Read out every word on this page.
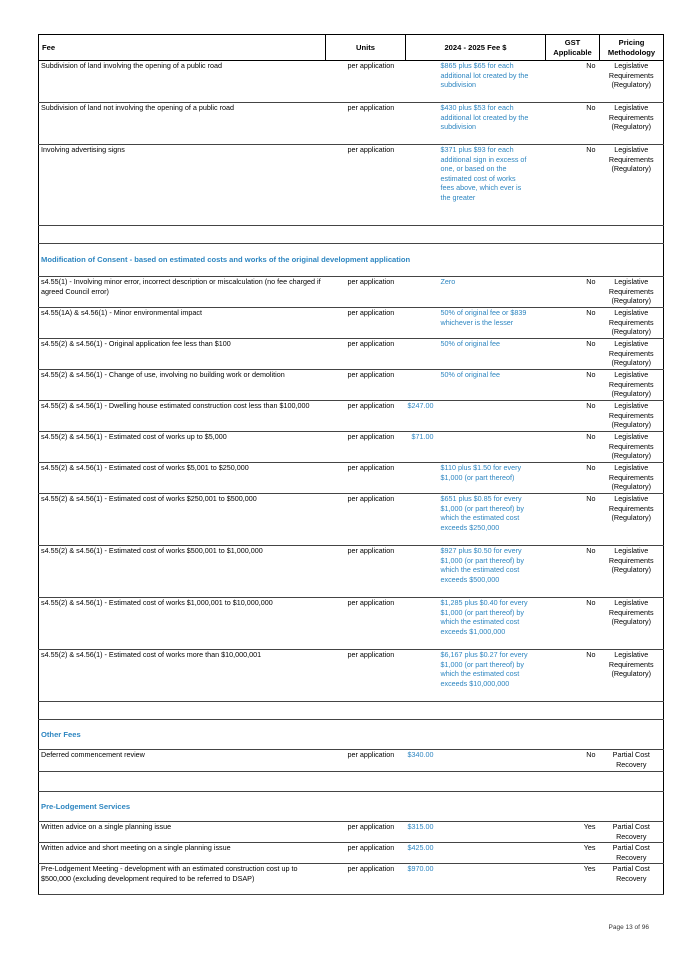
Fee	Units	2024 - 2025 Fee $	GST Applicable	Pricing Methodology
Subdivision of land involving the opening of a public road	per application	$865 plus $65 for each additional lot created by the subdivision	No	Legislative Requirements (Regulatory)
Subdivision of land not involving the opening of a public road	per application	$430 plus $53 for each additional lot created by the subdivision	No	Legislative Requirements (Regulatory)
Involving advertising signs	per application	$371 plus $93 for each additional sign in excess of one, or based on the estimated cost of works fees above, which ever is the greater	No	Legislative Requirements (Regulatory)

Modification of Consent - based on estimated costs and works of the original development application				
s4.55(1) - Involving minor error, incorrect description or miscalculation (no fee charged if agreed Council error)	per application	Zero	No	Legislative Requirements (Regulatory)
s4.55(1A) & s4.56(1) - Minor environmental impact	per application	50% of original fee or $839 whichever is the lesser	No	Legislative Requirements (Regulatory)
s4.55(2) & s4.56(1) - Original application fee less than $100	per application	50% of original fee	No	Legislative Requirements (Regulatory)
s4.55(2) & s4.56(1) - Change of use, involving no building work or demolition	per application	50% of original fee	No	Legislative Requirements (Regulatory)
s4.55(2) & s4.56(1) - Dwelling house estimated construction cost less than $100,000	per application	$247.00	No	Legislative Requirements (Regulatory)
s4.55(2) & s4.56(1) - Estimated cost of works up to $5,000	per application	$71.00	No	Legislative Requirements (Regulatory)
s4.55(2) & s4.56(1) - Estimated cost of works $5,001 to $250,000	per application	$110 plus $1.50 for every $1,000 (or part thereof)	No	Legislative Requirements (Regulatory)
s4.55(2) & s4.56(1) - Estimated cost of works $250,001 to $500,000	per application	$651 plus $0.85 for every $1,000 (or part thereof) by which the estimated cost exceeds $250,000	No	Legislative Requirements (Regulatory)
s4.55(2) & s4.56(1) - Estimated cost of works $500,001 to $1,000,000	per application	$927 plus $0.50 for every $1,000 (or part thereof) by which the estimated cost exceeds $500,000	No	Legislative Requirements (Regulatory)
s4.55(2) & s4.56(1) - Estimated cost of works $1,000,001 to $10,000,000	per application	$1,285 plus $0.40 for every $1,000 (or part thereof) by which the estimated cost exceeds $1,000,000	No	Legislative Requirements (Regulatory)
s4.55(2) & s4.56(1) - Estimated cost of works more than $10,000,001	per application	$6,167 plus $0.27 for every $1,000 (or part thereof) by which the estimated cost exceeds $10,000,000	No	Legislative Requirements (Regulatory)

Other Fees				
Deferred commencement review	per application	$340.00	No	Partial Cost Recovery

Pre-Lodgement Services				
Written advice on a single planning issue	per application	$315.00	Yes	Partial Cost Recovery
Written advice and short meeting on a single planning issue	per application	$425.00	Yes	Partial Cost Recovery
Pre-Lodgement Meeting - development with an estimated construction cost up to $500,000 (excluding development required to be referred to DSAP)	per application	$970.00	Yes	Partial Cost Recovery
Page 13 of 96
